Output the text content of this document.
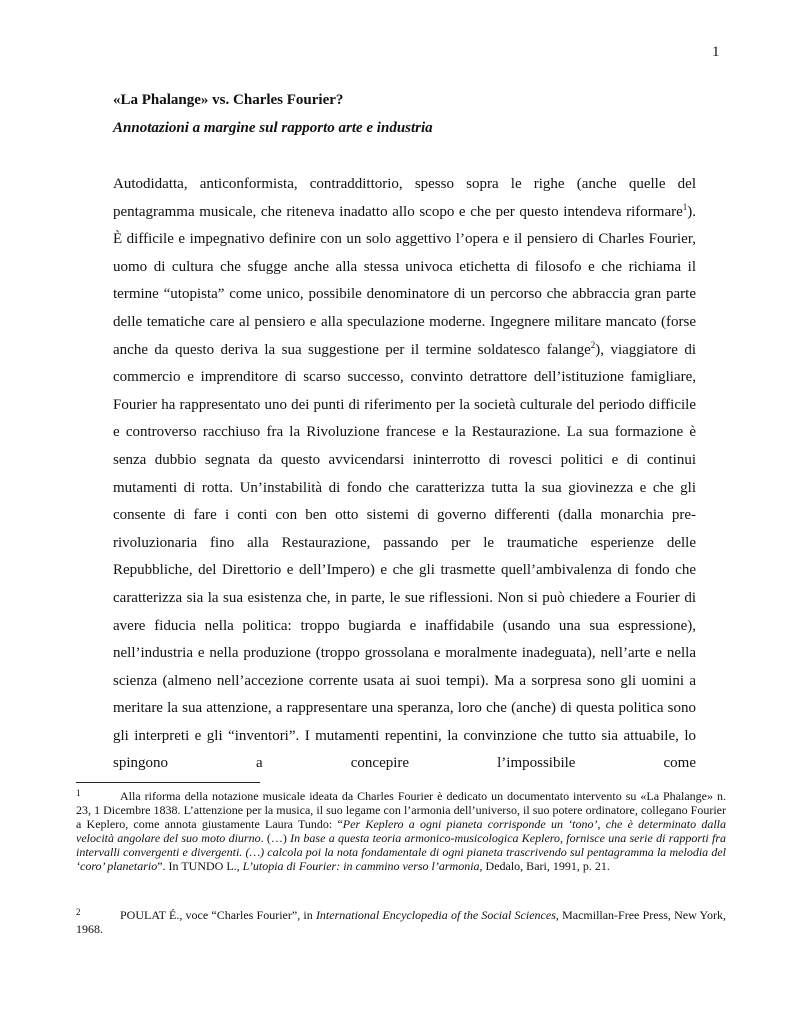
1
«La Phalange» vs. Charles Fourier?
Annotazioni a margine sul rapporto arte e industria
Autodidatta, anticonformista, contraddittorio, spesso sopra le righe (anche quelle del pentagramma musicale, che riteneva inadatto allo scopo e che per questo intendeva riformare$^1$). È difficile e impegnativo definire con un solo aggettivo l’opera e il pensiero di Charles Fourier, uomo di cultura che sfugge anche alla stessa univoca etichetta di filosofo e che richiama il termine “utopista” come unico, possibile denominatore di un percorso che abbraccia gran parte delle tematiche care al pensiero e alla speculazione moderne. Ingegnere militare mancato (forse anche da questo deriva la sua suggestione per il termine soldatesco falange$^2$), viaggiatore di commercio e imprenditore di scarso successo, convinto detrattore dell’istituzione famigliare, Fourier ha rappresentato uno dei punti di riferimento per la società culturale del periodo difficile e controverso racchiuso fra la Rivoluzione francese e la Restaurazione. La sua formazione è senza dubbio segnata da questo avvicendarsi ininterrotto di rovesci politici e di continui mutamenti di rotta. Un’instabilità di fondo che caratterizza tutta la sua giovinezza e che gli consente di fare i conti con ben otto sistemi di governo differenti (dalla monarchia pre-rivoluzionaria fino alla Restaurazione, passando per le traumatiche esperienze delle Repubbliche, del Direttorio e dell’Impero) e che gli trasmette quell’ambivalenza di fondo che caratterizza sia la sua esistenza che, in parte, le sue riflessioni. Non si può chiedere a Fourier di avere fiducia nella politica: troppo bugiarda e inaffidabile (usando una sua espressione), nell’industria e nella produzione (troppo grossolana e moralmente inadeguata), nell’arte e nella scienza (almeno nell’accezione corrente usata ai suoi tempi). Ma a sorpresa sono gli uomini a meritare la sua attenzione, a rappresentare una speranza, loro che (anche) di questa politica sono gli interpreti e gli “inventori”. I mutamenti repentini, la convinzione che tutto sia attuabile, lo spingono a concepire l’impossibile come
1	Alla riforma della notazione musicale ideata da Charles Fourier è dedicato un documentato intervento su «La Phalange» n. 23, 1 Dicembre 1838. L’attenzione per la musica, il suo legame con l’armonia dell’universo, il suo potere ordinatore, collegano Fourier a Keplero, come annota giustamente Laura Tundo: “Per Keplero a ogni pianeta corrisponde un ‘tono’, che è determinato dalla velocità angolare del suo moto diurno. (…) In base a questa teoria armonico-musicologica Keplero, fornisce una serie di rapporti fra intervalli convergenti e divergenti. (…) calcola poi la nota fondamentale di ogni pianeta trascrivendo sul pentagramma la melodia del ‘coro’ planetario”. In TUNDO L., L’utopia di Fourier: in cammino verso l’armonia, Dedalo, Bari, 1991, p. 21.
2	POULAT É., voce “Charles Fourier”, in International Encyclopedia of the Social Sciences, Macmillan-Free Press, New York, 1968.
